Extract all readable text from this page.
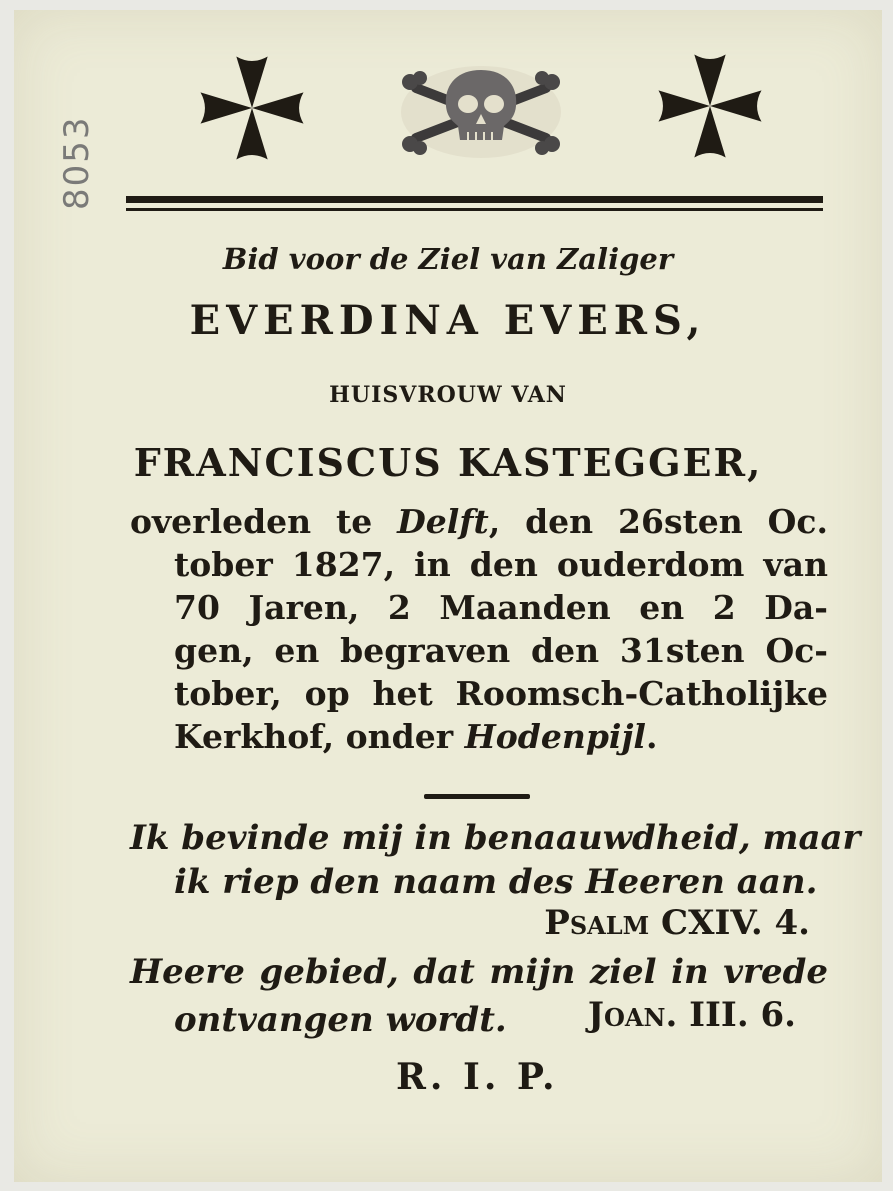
8053
Bid voor de Ziel van Zaliger
EVERDINA EVERS,
HUISVROUW VAN
FRANCISCUS KASTEGGER,
overleden te Delft, den 26sten Oc.
tober 1827, in den ouderdom van
70 Jaren, 2 Maanden en 2 Da-
gen, en begraven den 31sten Oc-
tober, op het Roomsch-Catholijke
Kerkhof, onder Hodenpijl.
Ik bevinde mij in benaauwdheid, maar
ik riep den naam des Heeren aan.
Psalm CXIV. 4.
Heere gebied, dat mijn ziel in vrede
ontvangen wordt. Joan. III. 6.
R. I. P.
